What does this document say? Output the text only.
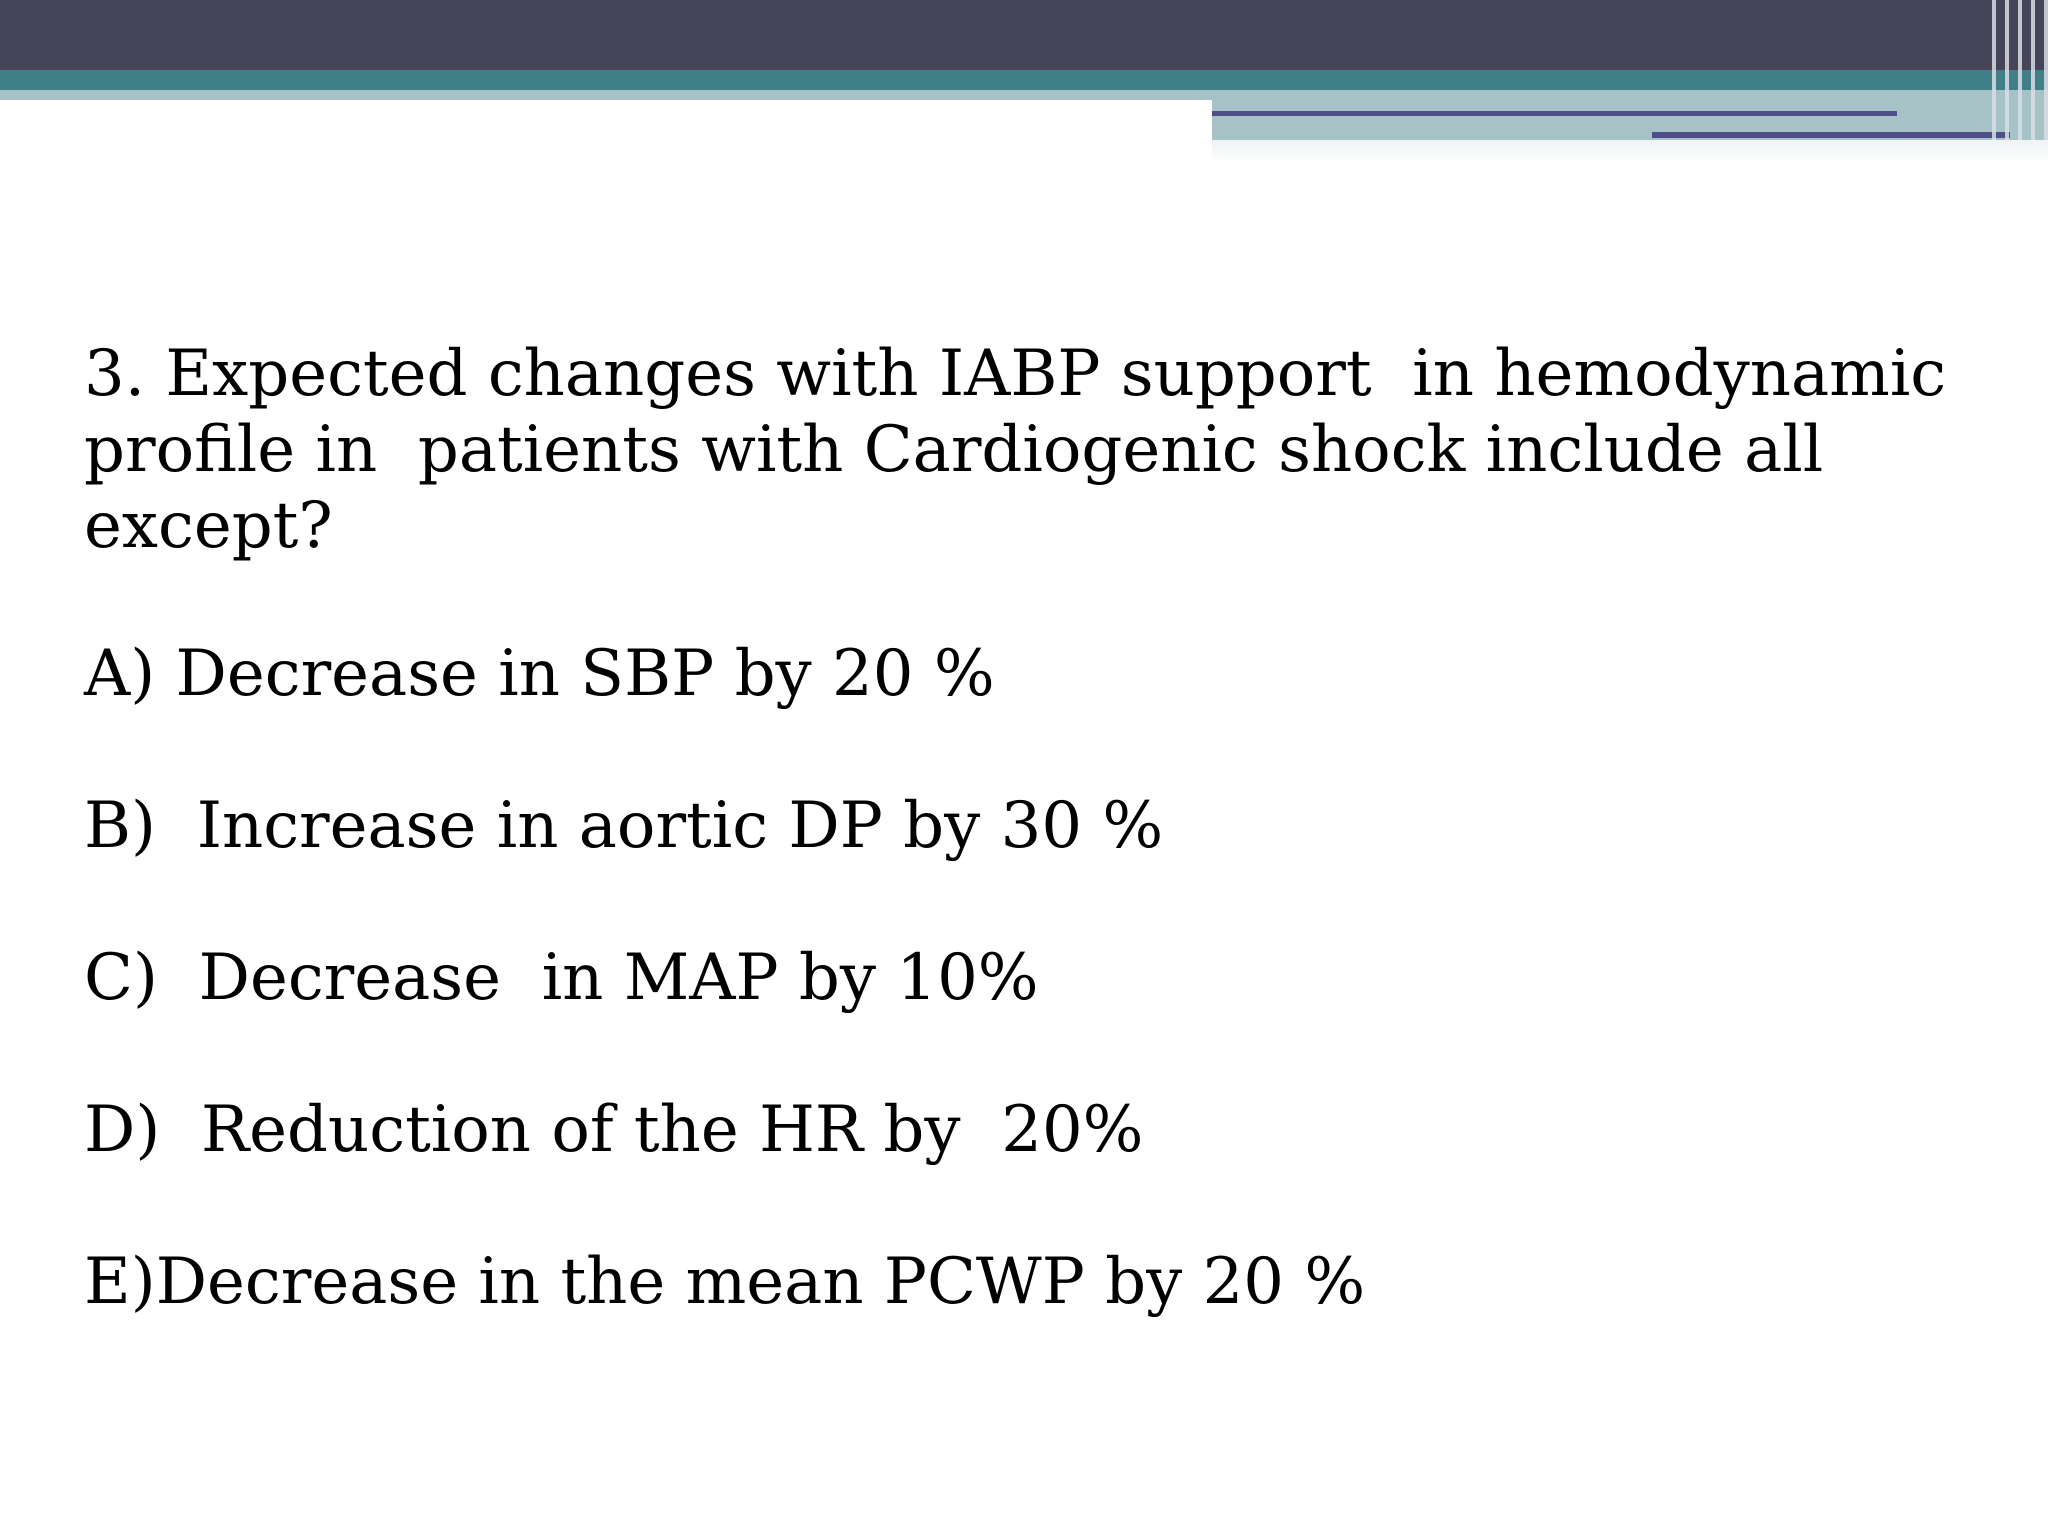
3. Expected changes with IABP support  in hemodynamic profile in  patients with Cardiogenic shock include all except?

A) Decrease in SBP by 20 %
B)  Increase in aortic DP by 30 %
C)  Decrease  in MAP by 10%
D)  Reduction of the HR by  20%
E)Decrease in the mean PCWP by 20 %
